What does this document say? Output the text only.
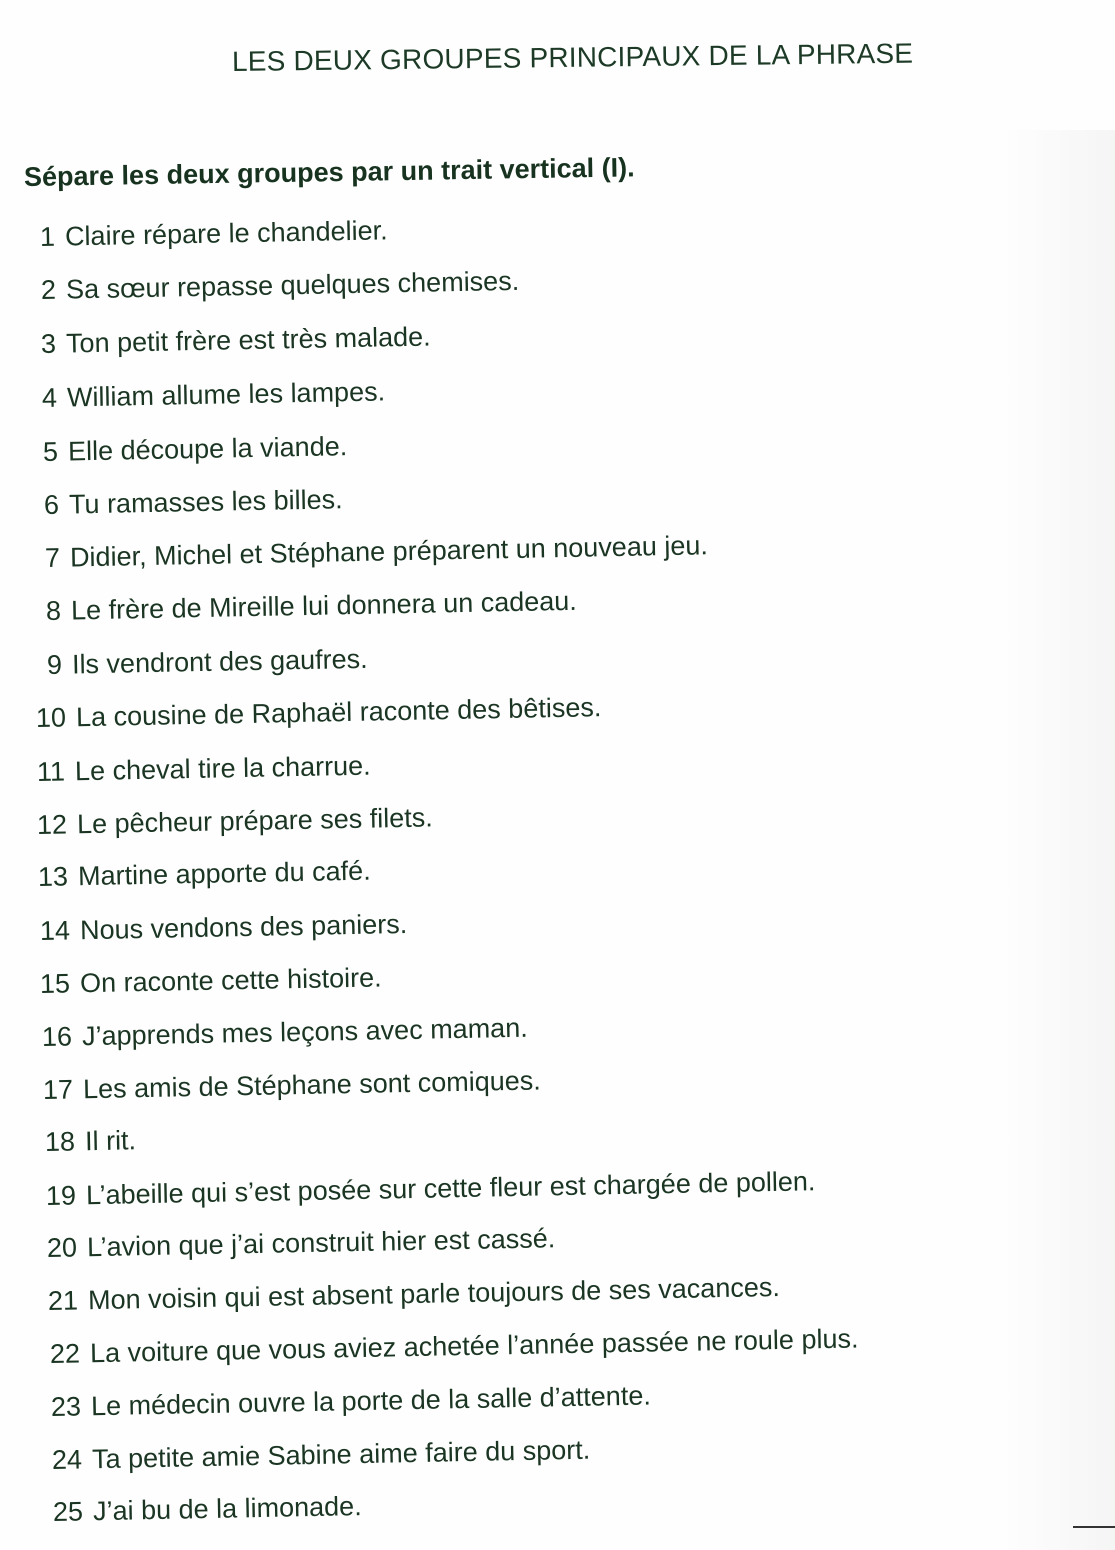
LES DEUX GROUPES PRINCIPAUX DE LA PHRASE
Sépare les deux groupes par un trait vertical (I).
1 Claire répare le chandelier.
2 Sa sœur repasse quelques chemises.
3 Ton petit frère est très malade.
4 William allume les lampes.
5 Elle découpe la viande.
6 Tu ramasses les billes.
7 Didier, Michel et Stéphane préparent un nouveau jeu.
8 Le frère de Mireille lui donnera un cadeau.
9 Ils vendront des gaufres.
10 La cousine de Raphaël raconte des bêtises.
11 Le cheval tire la charrue.
12 Le pêcheur prépare ses filets.
13 Martine apporte du café.
14 Nous vendons des paniers.
15 On raconte cette histoire.
16 J’apprends mes leçons avec maman.
17 Les amis de Stéphane sont comiques.
18 Il rit.
19 L’abeille qui s’est posée sur cette fleur est chargée de pollen.
20 L’avion que j’ai construit hier est cassé.
21 Mon voisin qui est absent parle toujours de ses vacances.
22 La voiture que vous aviez achetée l’année passée ne roule plus.
23 Le médecin ouvre la porte de la salle d’attente.
24 Ta petite amie Sabine aime faire du sport.
25 J’ai bu de la limonade.
